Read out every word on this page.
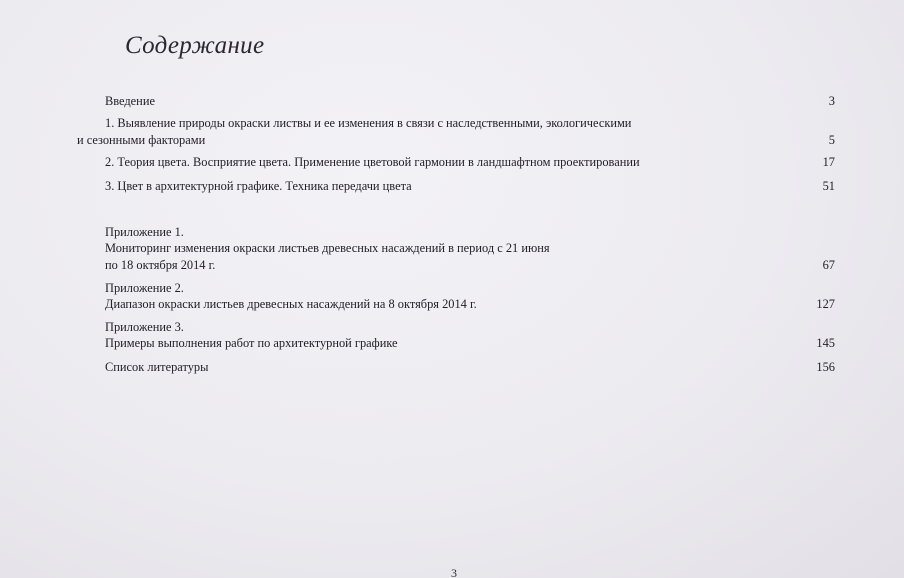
Содержание
Введение	3
1. Выявление природы окраски листвы и ее изменения в связи с наследственными, экологическими
и сезонными факторами	5
2. Теория цвета. Восприятие цвета. Применение цветовой гармонии в ландшафтном проектировании	17
3. Цвет в архитектурной графике. Техника передачи цвета	51
Приложение 1.
Мониторинг изменения окраски листьев древесных насаждений в период с 21 июня
по 18 октября 2014 г.	67
Приложение 2.
Диапазон окраски листьев древесных насаждений на 8 октября 2014 г.	127
Приложение 3.
Примеры выполнения работ по архитектурной графике	145
Список литературы	156
3
